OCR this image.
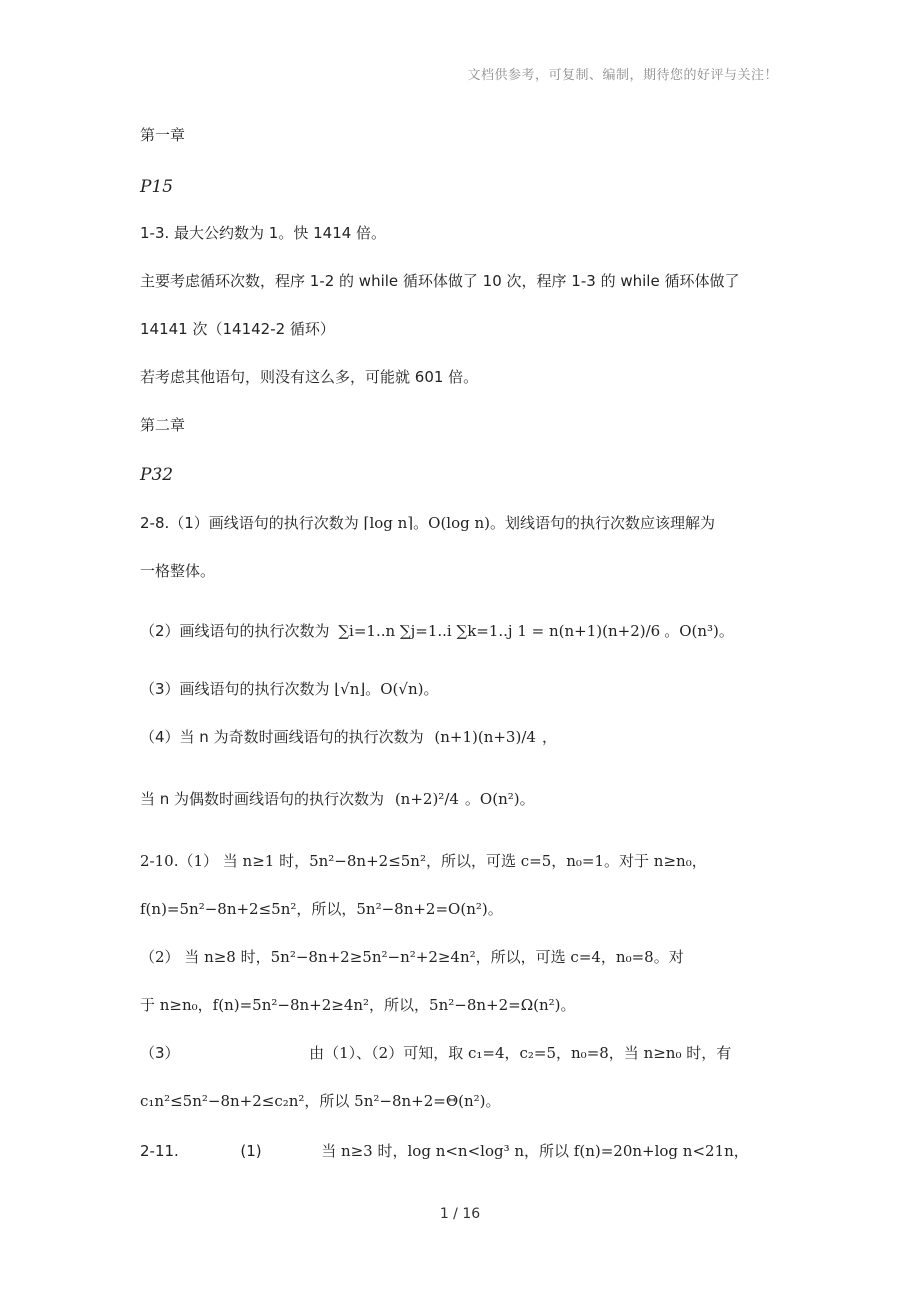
文档供参考，可复制、编制，期待您的好评与关注！
第一章
P15
1-3. 最大公约数为 1。快 1414 倍。
主要考虑循环次数，程序 1-2 的 while 循环体做了 10 次，程序 1-3 的 while 循环体做了
14141 次（14142-2 循环）
若考虑其他语句，则没有这么多，可能就 601 倍。
第二章
P32
2-8.（1）画线语句的执行次数为 ⌈log n⌉。O(log n)。划线语句的执行次数应该理解为
一格整体。
（2）画线语句的执行次数为 ∑i=1..n ∑j=1..i ∑k=1..j 1 = n(n+1)(n+2)/6 。O(n³)。
（3）画线语句的执行次数为 ⌊√n⌋。O(√n)。
（4）当 n 为奇数时画线语句的执行次数为 (n+1)(n+3)/4 ，
当 n 为偶数时画线语句的执行次数为 (n+2)²/4 。O(n²)。
2-10.（1） 当 n≥1 时，5n²−8n+2≤5n²，所以，可选 c=5，n₀=1。对于 n≥n₀，
f(n)=5n²−8n+2≤5n²，所以，5n²−8n+2=O(n²)。
（2） 当 n≥8 时，5n²−8n+2≥5n²−n²+2≥4n²，所以，可选 c=4，n₀=8。对
于 n≥n₀，f(n)=5n²−8n+2≥4n²，所以，5n²−8n+2=Ω(n²)。
（3）	由（1）、（2）可知，取 c₁=4，c₂=5，n₀=8，当 n≥n₀ 时，有
c₁n²≤5n²−8n+2≤c₂n²，所以 5n²−8n+2=Θ(n²)。
2-11.	(1)	当 n≥3 时，log n<n<log³ n，所以 f(n)=20n+log n<21n，
1 / 16
